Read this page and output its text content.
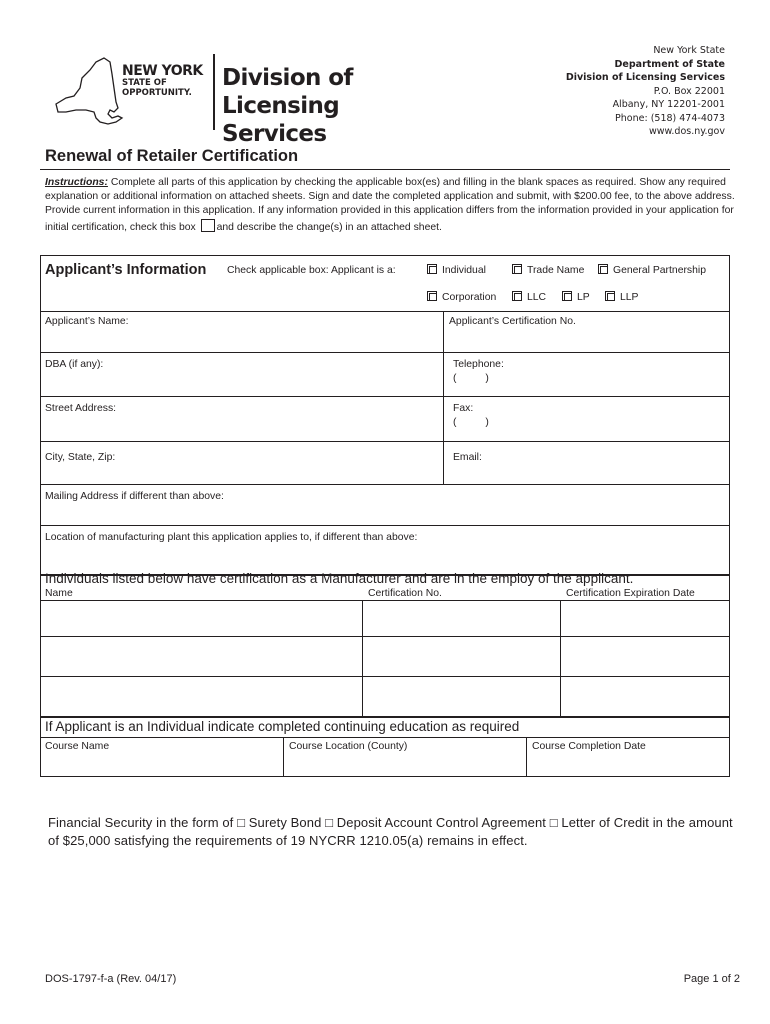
NEW YORK
STATE OF
OPPORTUNITY.
Division of
Licensing Services
New York State
Department of State
Division of Licensing Services
P.O. Box 22001
Albany, NY 12201-2001
Phone: (518) 474-4073
www.dos.ny.gov
Renewal of Retailer Certification
Instructions: Complete all parts of this application by checking the applicable box(es) and filling in the blank spaces as required. Show any required explanation or additional information on attached sheets. Sign and date the completed application and submit, with $200.00 fee, to the above address. Provide current information in this application. If any information provided in this application differs from the information provided in your application for initial certification, check this box and describe the change(s) in an attached sheet.
Applicant’s Information Check applicable box: Applicant is a:	Individual	Trade Name	General Partnership
Corporation	LLC	LP	LLP
Applicant’s Name:	Applicant’s Certification No.
DBA (if any):	Telephone:
(          )
Street Address:	Fax:
(          )
City, State, Zip:	Email:
Mailing Address if different than above:
Location of manufacturing plant this application applies to, if different than above:
Individuals listed below have certification as a Manufacturer and are in the employ of the applicant.
Name	Certification No.	Certification Expiration Date
If Applicant is an Individual indicate completed continuing education as required
Course Name	Course Location (County)	Course Completion Date
Financial Security in the form of □ Surety Bond □ Deposit Account Control Agreement □ Letter of Credit in the amount of $25,000 satisfying the requirements of 19 NYCRR 1210.05(a) remains in effect.
DOS-1797-f-a (Rev. 04/17)	Page 1 of 2
